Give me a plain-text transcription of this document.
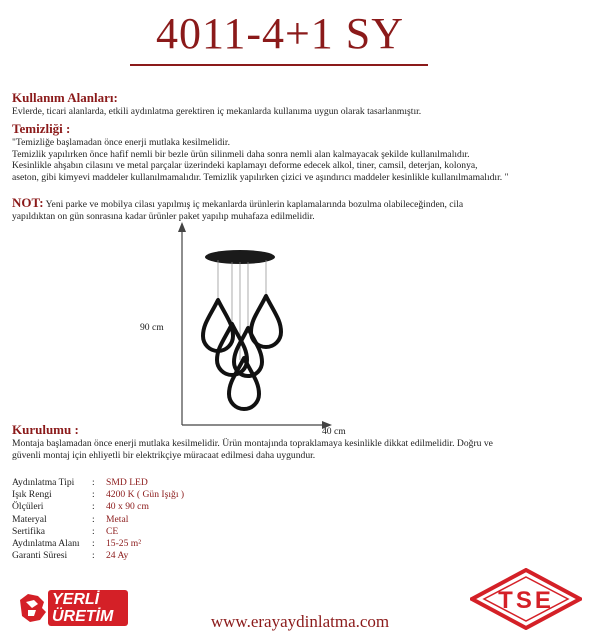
4011-4+1 SY
Kullanım Alanları:

Evlerde, ticari alanlarda, etkili aydınlatma gerektiren iç mekanlarda kullanıma uygun olarak tasarlanmıştır.

Temizliği :

"Temizliğe başlamadan önce enerji mutlaka kesilmelidir.

Temizlik yapılırken önce hafif nemli bir bezle ürün silinmeli daha sonra nemli alan kalmayacak şekilde kullanılmalıdır.

Kesinlikle ahşabın cilasını ve metal parçalar üzerindeki kaplamayı deforme edecek alkol, tiner, camsil, deterjan, kolonya,

aseton, gibi kimyevi maddeler kullanılmamalıdır. Temizlik yapılırken çizici ve aşındırıcı maddeler kesinlikle kullanılmamalıdır. "

NOT: Yeni parke ve mobilya cilası yapılmış iç mekanlarda ürünlerin kaplamalarında bozulma olabileceğinden, cila

yapıldıktan on gün sonrasına kadar ürünler paket yapılıp muhafaza edilmelidir.

90 cm
40 cm
Kurulumu :

Montaja başlamadan önce enerji mutlaka kesilmelidir. Ürün montajında topraklamaya kesinlikle dikkat edilmelidir. Doğru ve

güvenli montaj için ehliyetli bir elektrikçiye müracaat edilmesi daha uygundur.

Aydınlatma Tipi : SMD LED
Işık Rengi	: 4200 K ( Gün Işığı )
Ölçüleri	: 40 x 90 cm
Materyal	: Metal
Sertifika	: CE
Aydınlatma Alanı : 15-25 m²
Garanti Süresi	: 24 Ay
YERLİ
ÜRETİM	www.erayaydinlatma.com
TSE
